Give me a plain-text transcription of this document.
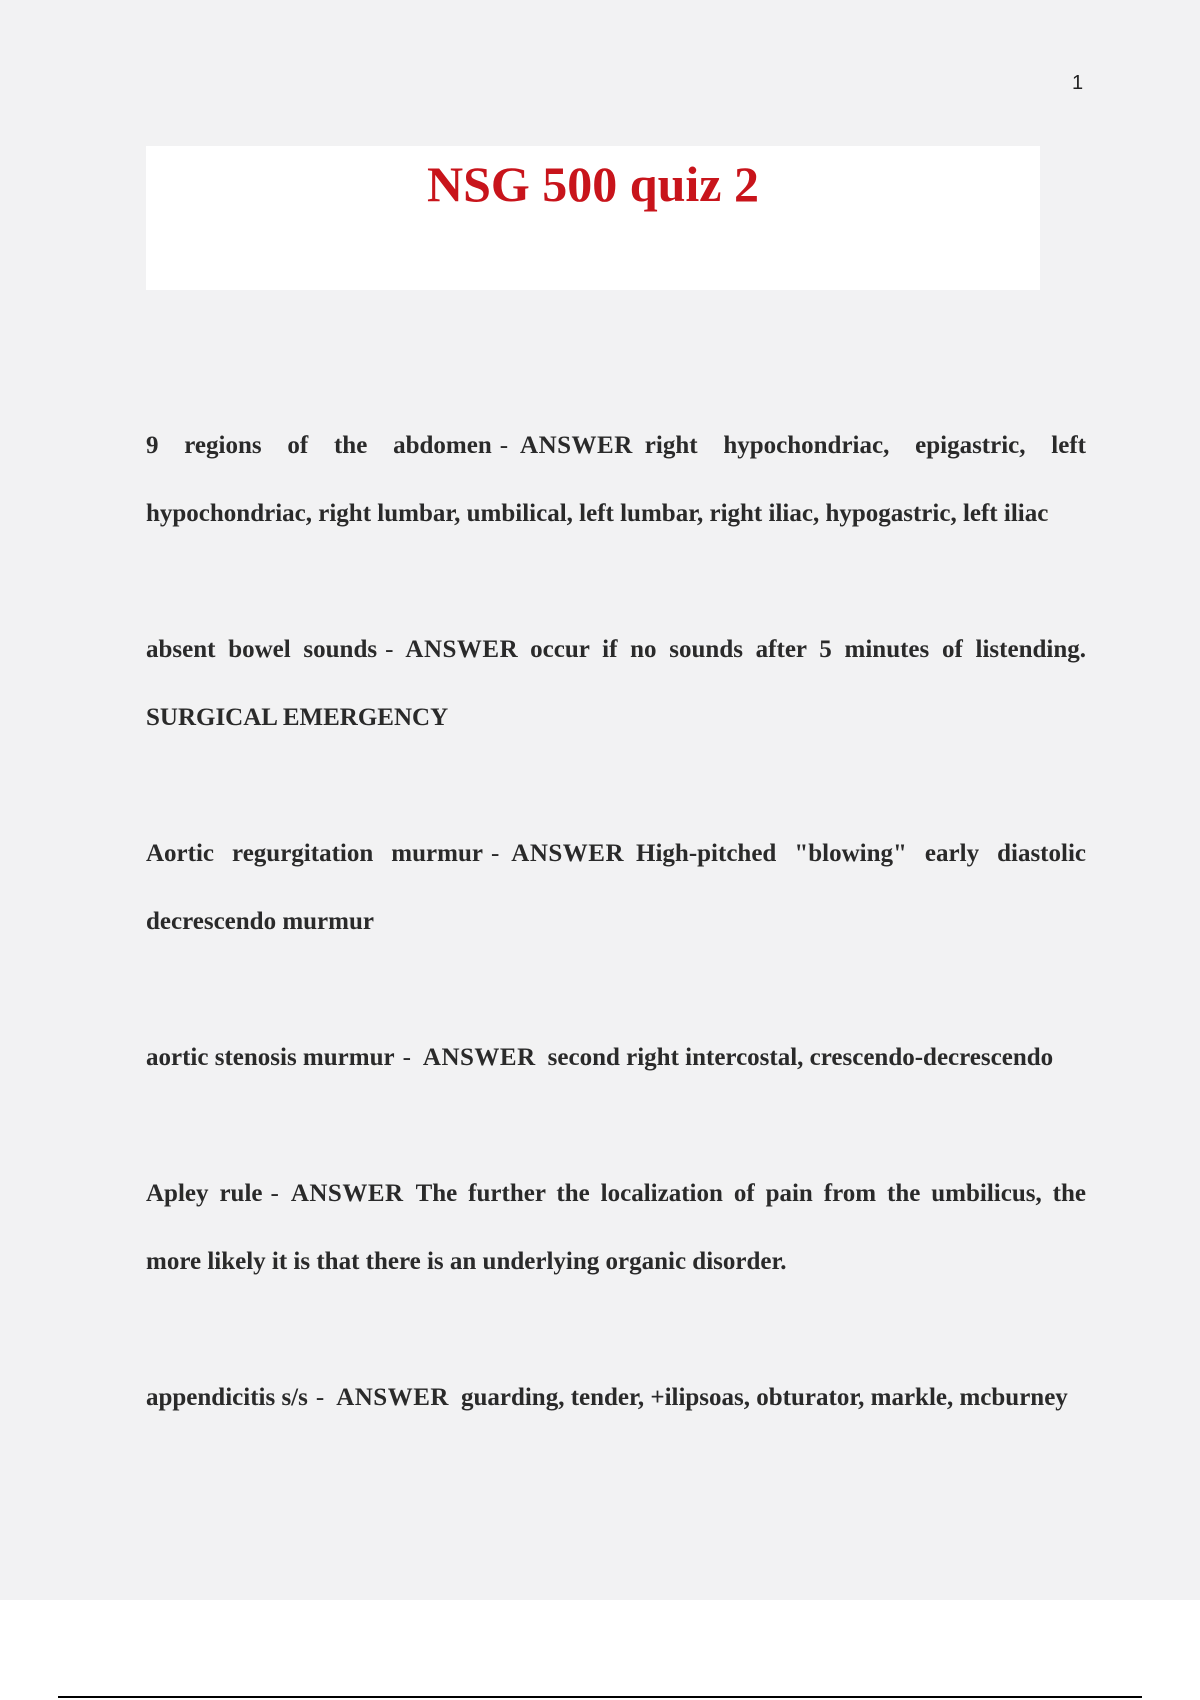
1
NSG 500 quiz 2

9 regions of the abdomen - ANSWER right hypochondriac, epigastric, left hypochondriac, right lumbar, umbilical, left lumbar, right iliac, hypogastric, left iliac

absent bowel sounds - ANSWER occur if no sounds after 5 minutes of listending. SURGICAL EMERGENCY

Aortic regurgitation murmur - ANSWER High-pitched "blowing" early diastolic decrescendo murmur

aortic stenosis murmur - ANSWER second right intercostal, crescendo-decrescendo

Apley rule - ANSWER The further the localization of pain from the umbilicus, the more likely it is that there is an underlying organic disorder.

appendicitis s/s - ANSWER guarding, tender, +ilipsoas, obturator, markle, mcburney
